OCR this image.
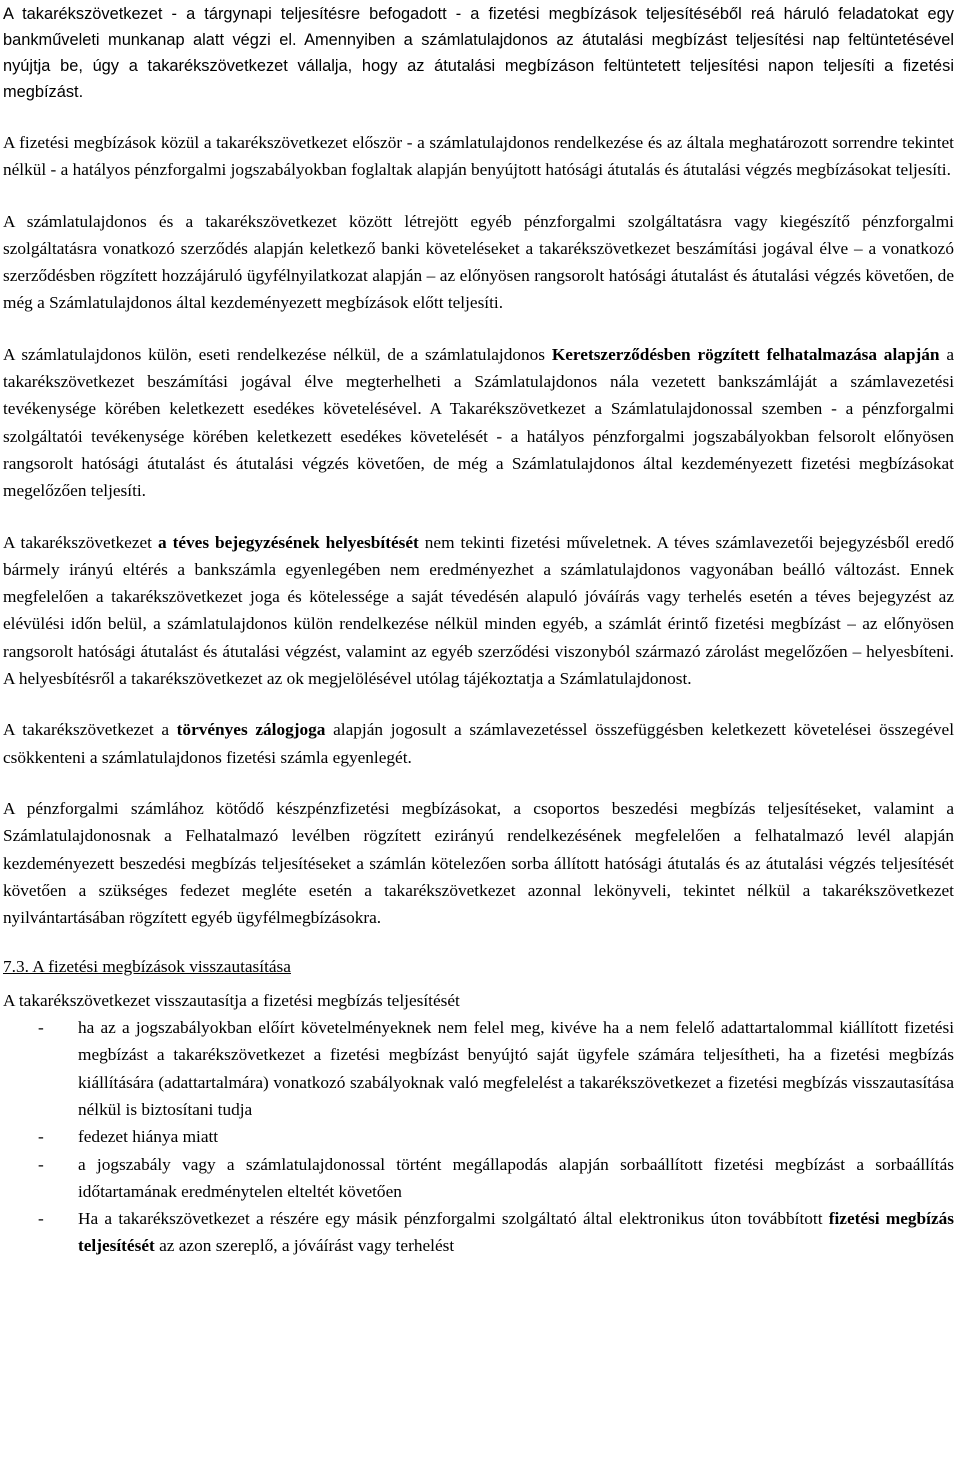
A takarékszövetkezet - a tárgynapi teljesítésre befogadott - a fizetési megbízások teljesítéséből reá háruló feladatokat egy bankműveleti munkanap alatt végzi el. Amennyiben a számlatulajdonos az átutalási megbízást teljesítési nap feltüntetésével nyújtja be, úgy a takarékszövetkezet vállalja, hogy az átutalási megbízáson feltüntetett teljesítési napon teljesíti a fizetési megbízást.

A fizetési megbízások közül a takarékszövetkezet először - a számlatulajdonos rendelkezése és az általa meghatározott sorrendre tekintet nélkül - a hatályos pénzforgalmi jogszabályokban foglaltak alapján benyújtott hatósági átutalás és átutalási végzés megbízásokat teljesíti.

A számlatulajdonos és a takarékszövetkezet között létrejött egyéb pénzforgalmi szolgáltatásra vagy kiegészítő pénzforgalmi szolgáltatásra vonatkozó szerződés alapján keletkező banki követeléseket a takarékszövetkezet beszámítási jogával élve – a vonatkozó szerződésben rögzített hozzájáruló ügyfélnyilatkozat alapján – az előnyösen rangsorolt hatósági átutalást és átutalási végzés követően, de még a Számlatulajdonos által kezdeményezett megbízások előtt teljesíti.

A számlatulajdonos külön, eseti rendelkezése nélkül, de a számlatulajdonos Keretszerződésben rögzített felhatalmazása alapján a takarékszövetkezet beszámítási jogával élve megterhelheti a Számlatulajdonos nála vezetett bankszámláját a számlavezetési tevékenysége körében keletkezett esedékes követelésével. A Takarékszövetkezet a Számlatulajdonossal szemben - a pénzforgalmi szolgáltatói tevékenysége körében keletkezett esedékes követelését - a hatályos pénzforgalmi jogszabályokban felsorolt előnyösen rangsorolt hatósági átutalást és átutalási végzés követően, de még a Számlatulajdonos által kezdeményezett fizetési megbízásokat megelőzően teljesíti.

A takarékszövetkezet a téves bejegyzésének helyesbítését nem tekinti fizetési műveletnek. A téves számlavezetői bejegyzésből eredő bármely irányú eltérés a bankszámla egyenlegében nem eredményezhet a számlatulajdonos vagyonában beálló változást. Ennek megfelelően a takarékszövetkezet joga és kötelessége a saját tévedésén alapuló jóváírás vagy terhelés esetén a téves bejegyzést az elévülési időn belül, a számlatulajdonos külön rendelkezése nélkül minden egyéb, a számlát érintő fizetési megbízást – az előnyösen rangsorolt hatósági átutalást és átutalási végzést, valamint az egyéb szerződési viszonyból származó zárolást megelőzően – helyesbíteni. A helyesbítésről a takarékszövetkezet az ok megjelölésével utólag tájékoztatja a Számlatulajdonost.

A takarékszövetkezet a törvényes zálogjoga alapján jogosult a számlavezetéssel összefüggésben keletkezett követelései összegével csökkenteni a számlatulajdonos fizetési számla egyenlegét.

A pénzforgalmi számlához kötődő készpénzfizetési megbízásokat, a csoportos beszedési megbízás teljesítéseket, valamint a Számlatulajdonosnak a Felhatalmazó levélben rögzített ezirányú rendelkezésének megfelelően a felhatalmazó levél alapján kezdeményezett beszedési megbízás teljesítéseket a számlán kötelezően sorba állított hatósági átutalás és az átutalási végzés teljesítését követően a szükséges fedezet megléte esetén a takarékszövetkezet azonnal lekönyveli, tekintet nélkül a takarékszövetkezet nyilvántartásában rögzített egyéb ügyfélmegbízásokra.

7.3. A fizetési megbízások visszautasítása
A takarékszövetkezet visszautasítja a fizetési megbízás teljesítését
- ha az a jogszabályokban előírt követelményeknek nem felel meg, kivéve ha a nem felelő adattartalommal kiállított fizetési megbízást a takarékszövetkezet a fizetési megbízást benyújtó saját ügyfele számára teljesítheti, ha a fizetési megbízás kiállítására (adattartalmára) vonatkozó szabályoknak való megfelelést a takarékszövetkezet a fizetési megbízás visszautasítása nélkül is biztosítani tudja
- fedezet hiánya miatt
- a jogszabály vagy a számlatulajdonossal történt megállapodás alapján sorbaállított fizetési megbízást a sorbaállítás időtartamának eredménytelen elteltét követően
- Ha a takarékszövetkezet a részére egy másik pénzforgalmi szolgáltató által elektronikus úton továbbított fizetési megbízás teljesítését az azon szereplő, a jóváírást vagy terhelést
